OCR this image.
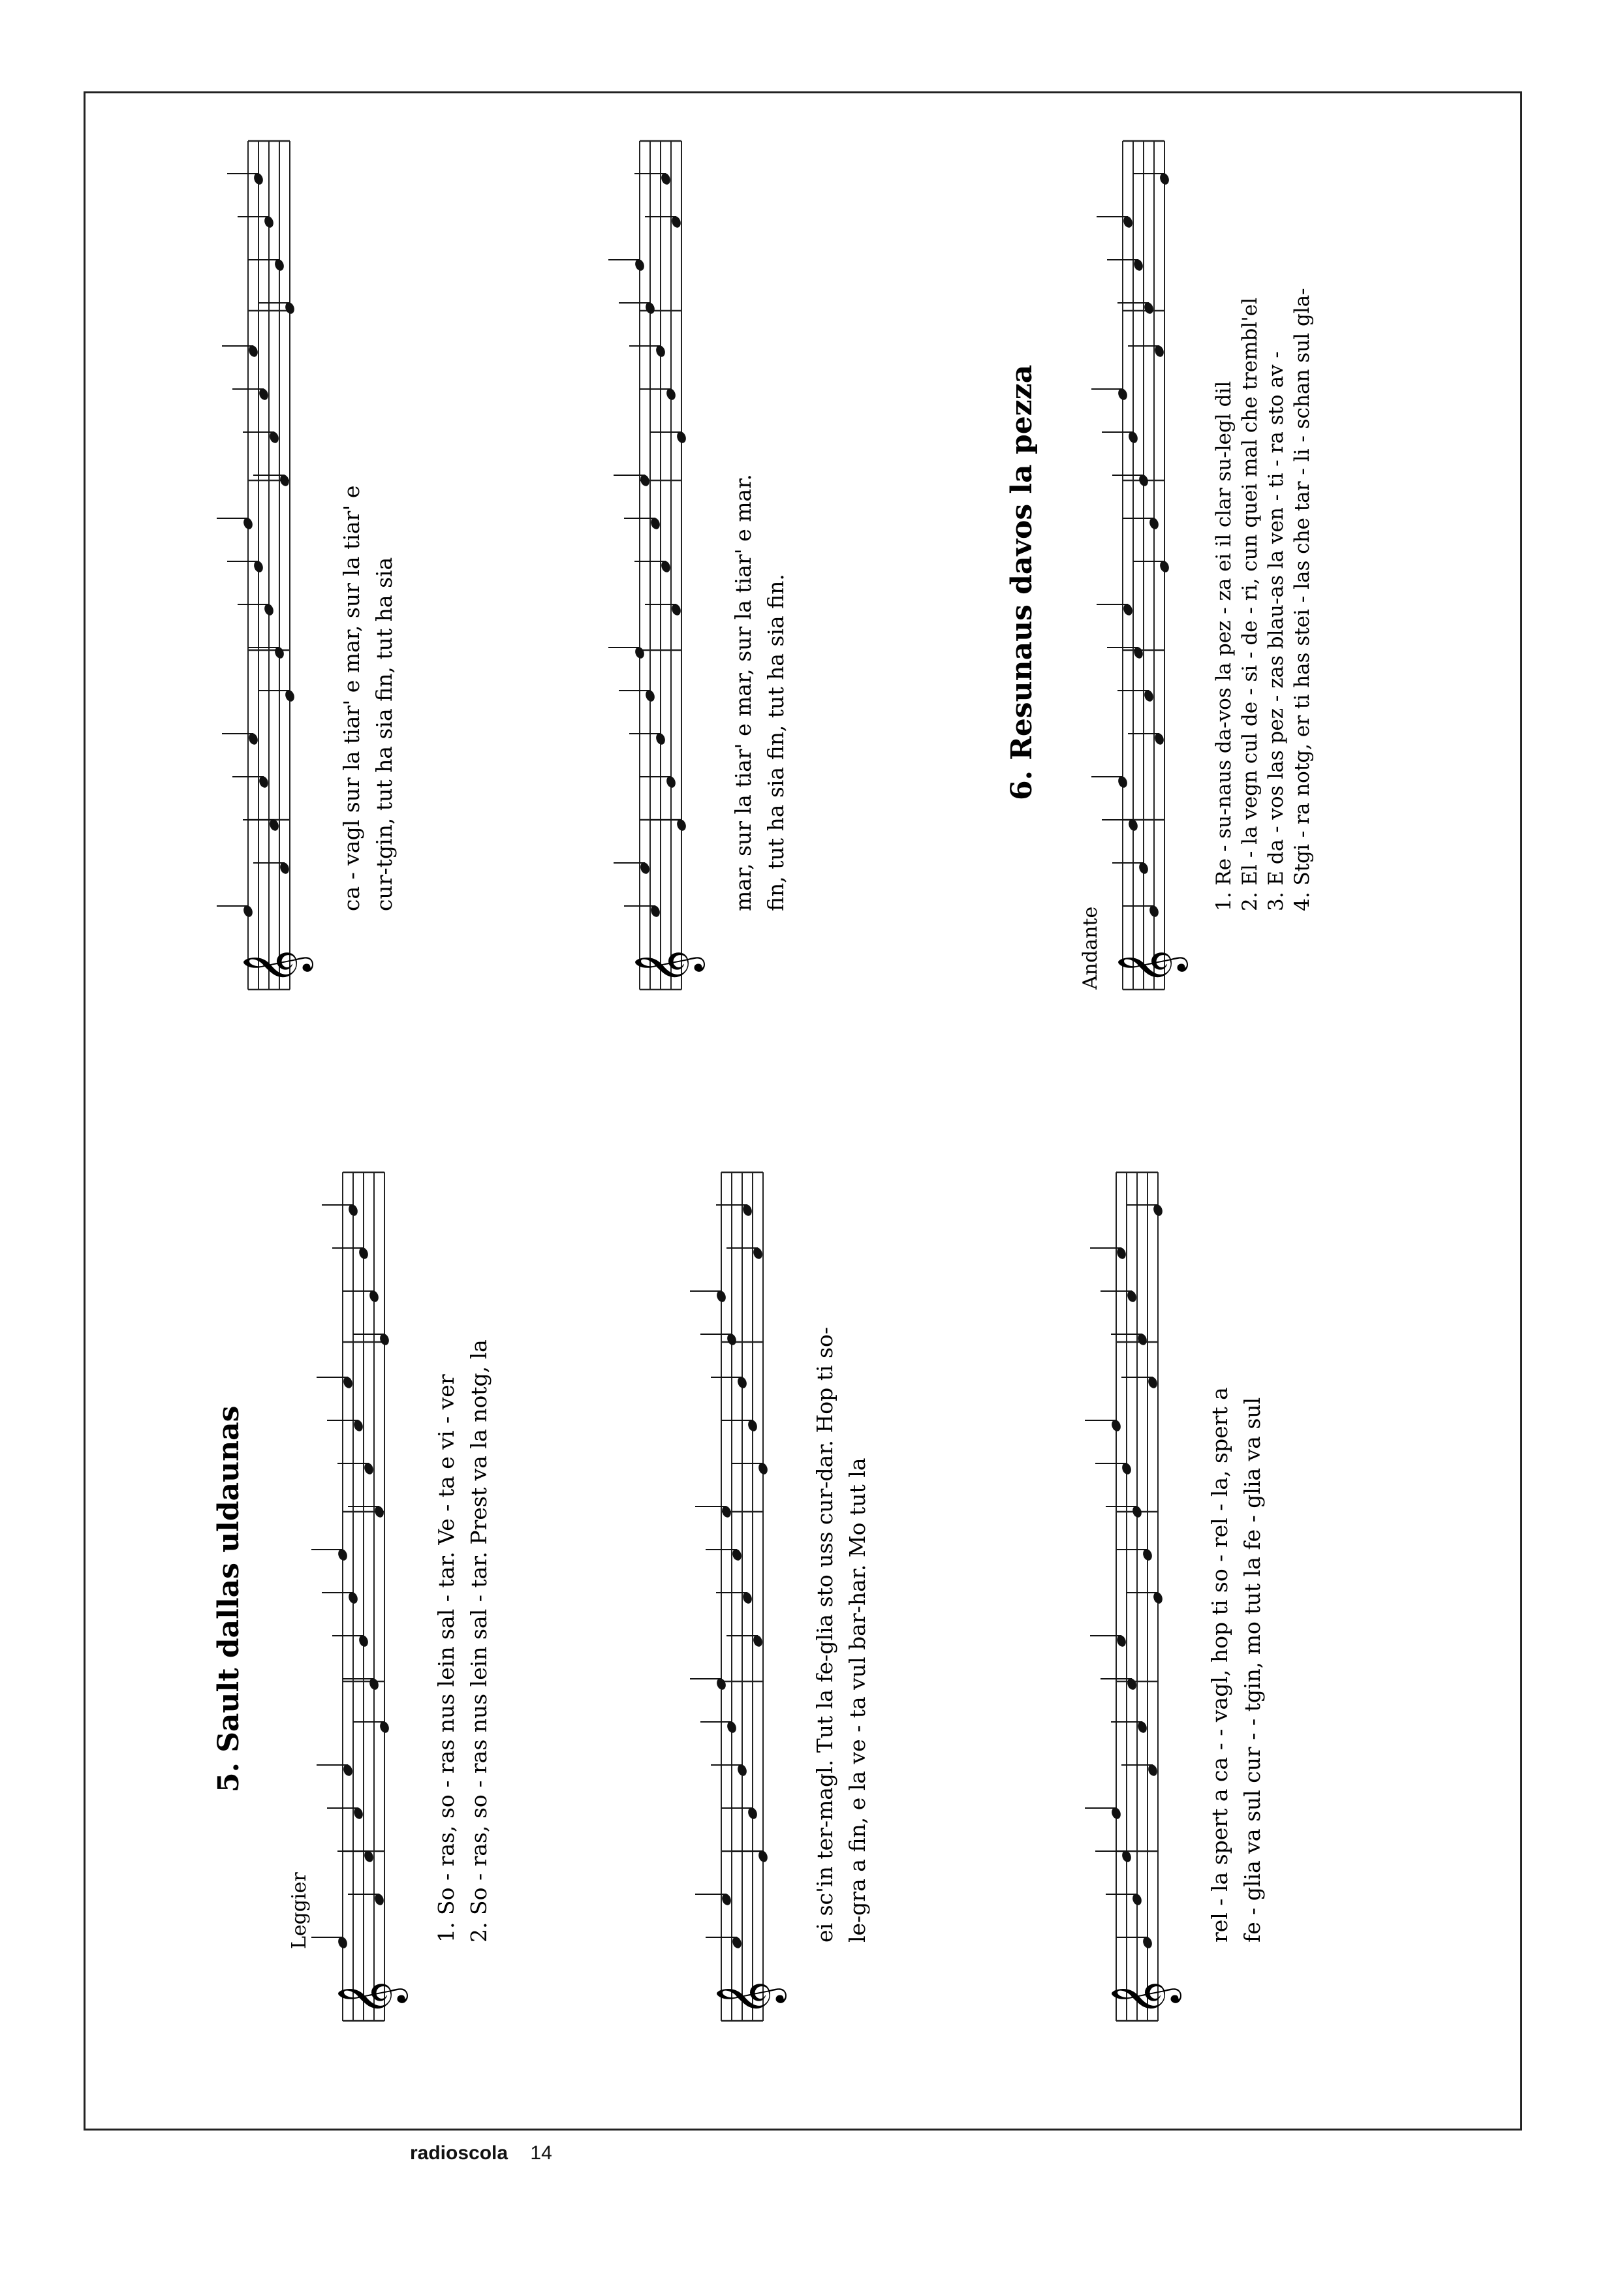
5. Sault dallas uldaunas
Leggier
𝄞
1. So - ras, so - ras nus lein sal - tar. Ve - ta e vi - ver 2. So - ras, so - ras nus lein sal - tar. Prest va la notg, la
𝄞
ei sc'in ter-magl. Tut la fe-glia sto uss cur-dar. Hop ti so- le-gra a fin, e la ve - ta vul bar-har. Mo tut la
𝄞
rel - la spert a ca - - vagl, hop ti so - rel - la, spert a fe - glia va sul cur - - tgin, mo tut la fe - glia va sul
𝄞
ca - vagl sur la tiar' e mar, sur la tiar' e cur-tgin, tut ha sia fin, tut ha sia
𝄞
mar, sur la tiar' e mar, sur la tiar' e mar. fin, tut ha sia fin, tut ha sia fin.	6. Resunaus davos la pezza
Andante 𝄞
1. Re - su-naus da-vos la pez - za ei il clar su-legl dil 2. El - la vegn cul de - si - de - ri, cun quei mal che trembl'el 3. E da - vos las pez - zas blau-as la ven - ti - ra sto av - 4. Stgi - ra notg, er ti has stei - las che tar - li - schan sul gla-
radioscola 14
